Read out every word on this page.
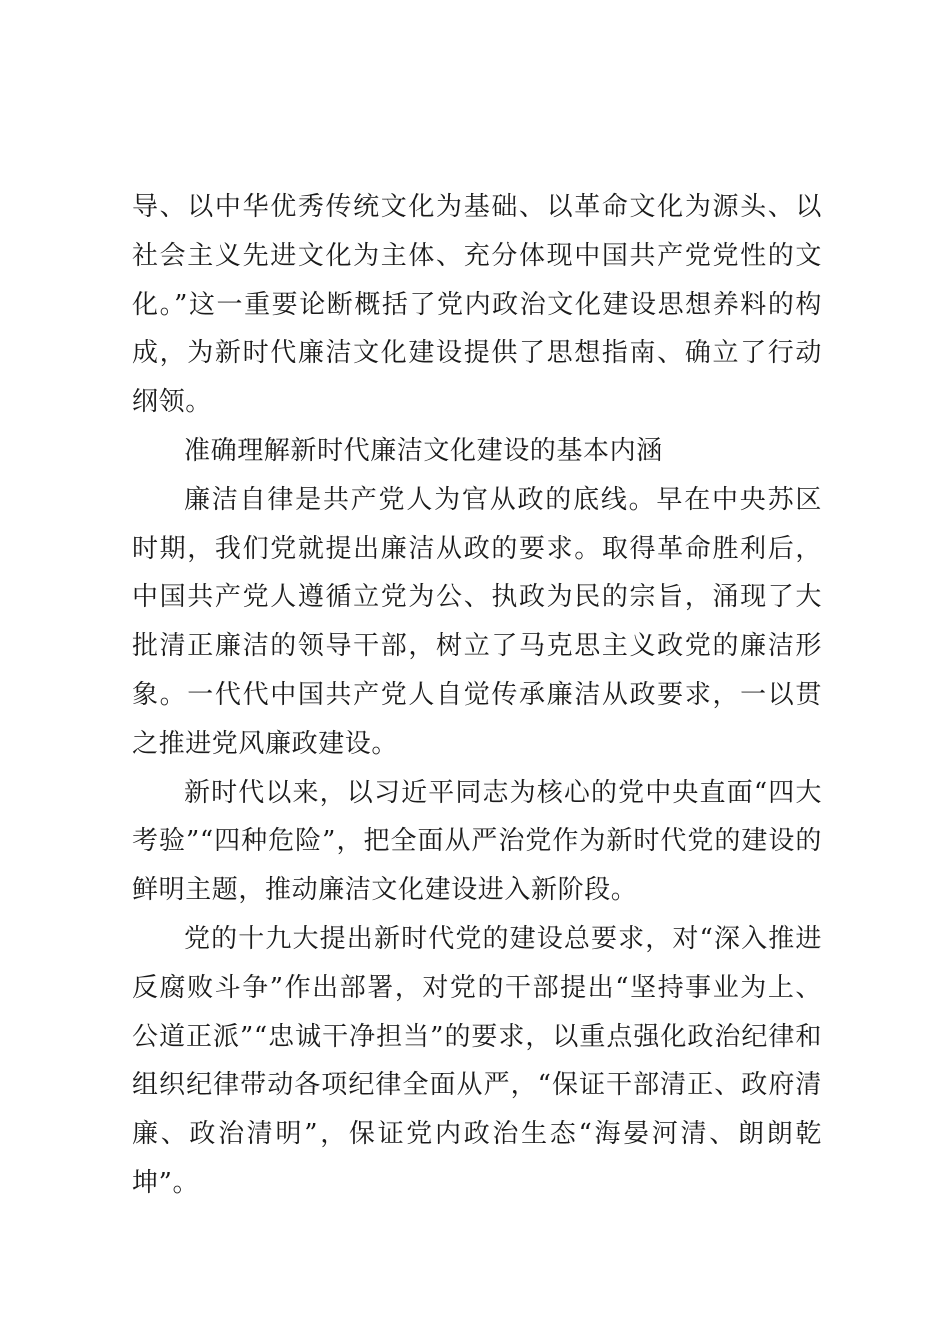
导、以中华优秀传统文化为基础、以革命文化为源头、以社会主义先进文化为主体、充分体现中国共产党党性的文化。”这一重要论断概括了党内政治文化建设思想养料的构成，为新时代廉洁文化建设提供了思想指南、确立了行动纲领。

准确理解新时代廉洁文化建设的基本内涵

廉洁自律是共产党人为官从政的底线。早在中央苏区时期，我们党就提出廉洁从政的要求。取得革命胜利后，中国共产党人遵循立党为公、执政为民的宗旨，涌现了大批清正廉洁的领导干部，树立了马克思主义政党的廉洁形象。一代代中国共产党人自觉传承廉洁从政要求，一以贯之推进党风廉政建设。

新时代以来，以习近平同志为核心的党中央直面“四大考验”“四种危险”，把全面从严治党作为新时代党的建设的鲜明主题，推动廉洁文化建设进入新阶段。

党的十九大提出新时代党的建设总要求，对“深入推进反腐败斗争”作出部署，对党的干部提出“坚持事业为上、公道正派”“忠诚干净担当”的要求，以重点强化政治纪律和组织纪律带动各项纪律全面从严，“保证干部清正、政府清廉、政治清明”，保证党内政治生态“海晏河清、朗朗乾坤”。
